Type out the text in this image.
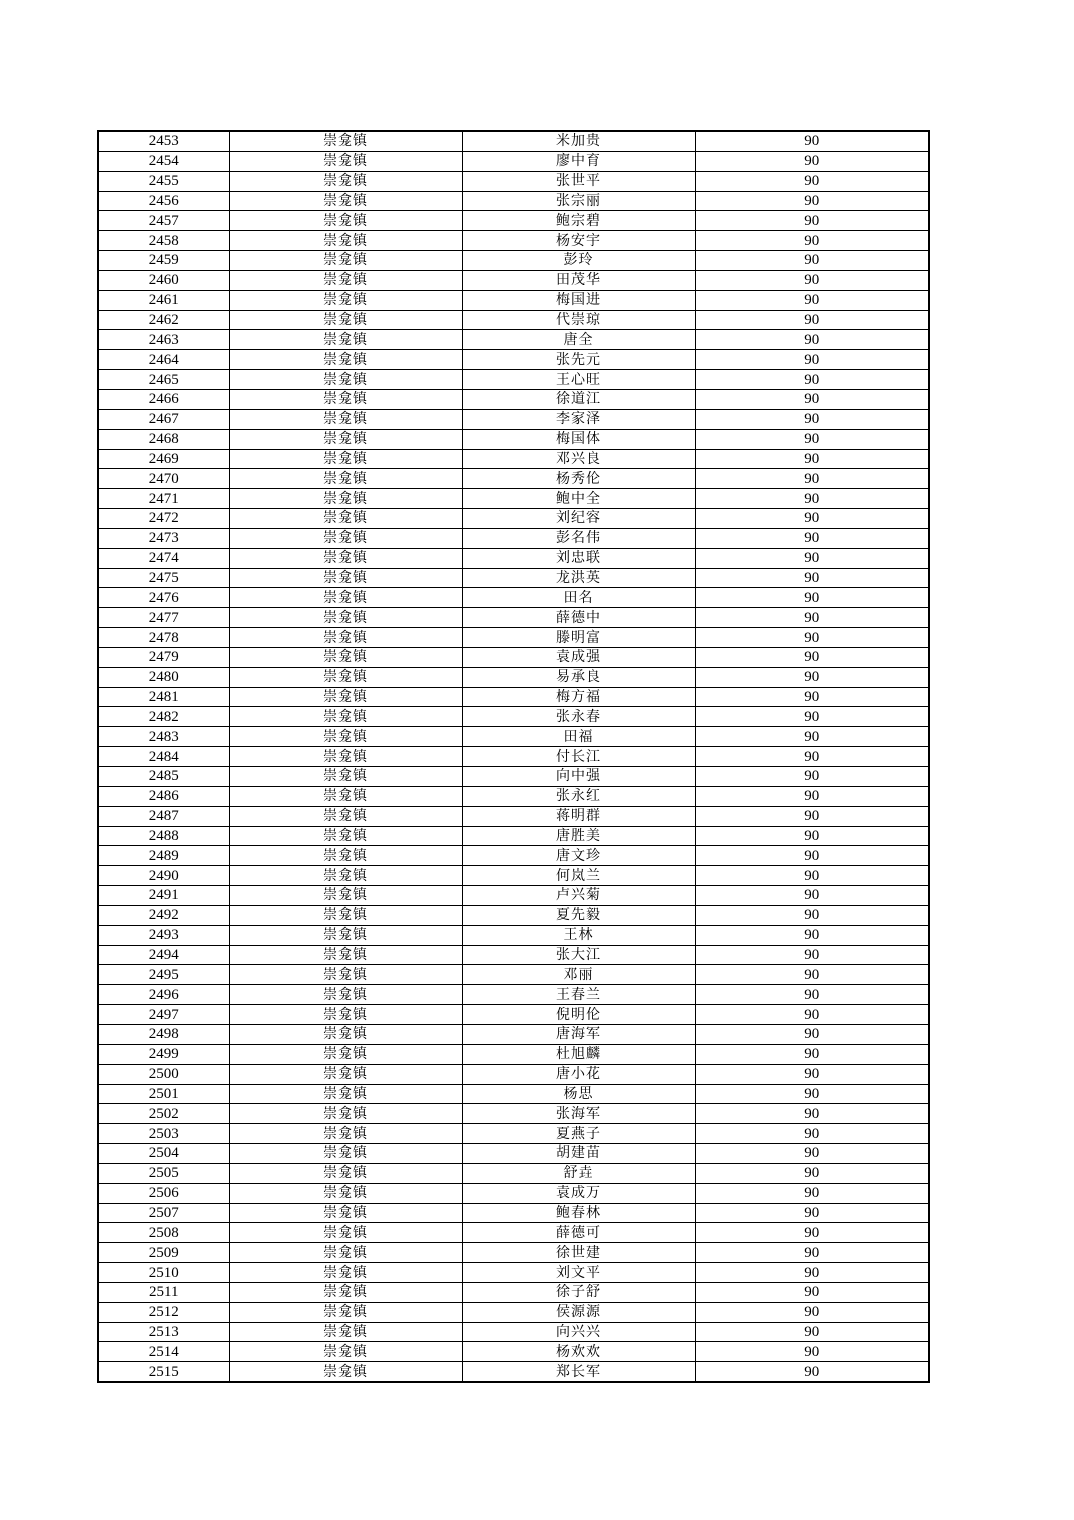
2453	崇龛镇	米加贵	90
2454	崇龛镇	廖中育	90
2455	崇龛镇	张世平	90
2456	崇龛镇	张宗丽	90
2457	崇龛镇	鲍宗碧	90
2458	崇龛镇	杨安宇	90
2459	崇龛镇	彭玲	90
2460	崇龛镇	田茂华	90
2461	崇龛镇	梅国进	90
2462	崇龛镇	代崇琼	90
2463	崇龛镇	唐全	90
2464	崇龛镇	张先元	90
2465	崇龛镇	王心旺	90
2466	崇龛镇	徐道江	90
2467	崇龛镇	李家泽	90
2468	崇龛镇	梅国体	90
2469	崇龛镇	邓兴良	90
2470	崇龛镇	杨秀伦	90
2471	崇龛镇	鲍中全	90
2472	崇龛镇	刘纪容	90
2473	崇龛镇	彭名伟	90
2474	崇龛镇	刘忠联	90
2475	崇龛镇	龙洪英	90
2476	崇龛镇	田名	90
2477	崇龛镇	薛德中	90
2478	崇龛镇	滕明富	90
2479	崇龛镇	袁成强	90
2480	崇龛镇	易承良	90
2481	崇龛镇	梅方福	90
2482	崇龛镇	张永春	90
2483	崇龛镇	田福	90
2484	崇龛镇	付长江	90
2485	崇龛镇	向中强	90
2486	崇龛镇	张永红	90
2487	崇龛镇	蒋明群	90
2488	崇龛镇	唐胜美	90
2489	崇龛镇	唐文珍	90
2490	崇龛镇	何岚兰	90
2491	崇龛镇	卢兴菊	90
2492	崇龛镇	夏先毅	90
2493	崇龛镇	王林	90
2494	崇龛镇	张大江	90
2495	崇龛镇	邓丽	90
2496	崇龛镇	王春兰	90
2497	崇龛镇	倪明伦	90
2498	崇龛镇	唐海军	90
2499	崇龛镇	杜旭麟	90
2500	崇龛镇	唐小花	90
2501	崇龛镇	杨思	90
2502	崇龛镇	张海军	90
2503	崇龛镇	夏燕子	90
2504	崇龛镇	胡建苗	90
2505	崇龛镇	舒垚	90
2506	崇龛镇	袁成万	90
2507	崇龛镇	鲍春林	90
2508	崇龛镇	薛德可	90
2509	崇龛镇	徐世建	90
2510	崇龛镇	刘文平	90
2511	崇龛镇	徐子舒	90
2512	崇龛镇	侯源源	90
2513	崇龛镇	向兴兴	90
2514	崇龛镇	杨欢欢	90
2515	崇龛镇	郑长军	90
